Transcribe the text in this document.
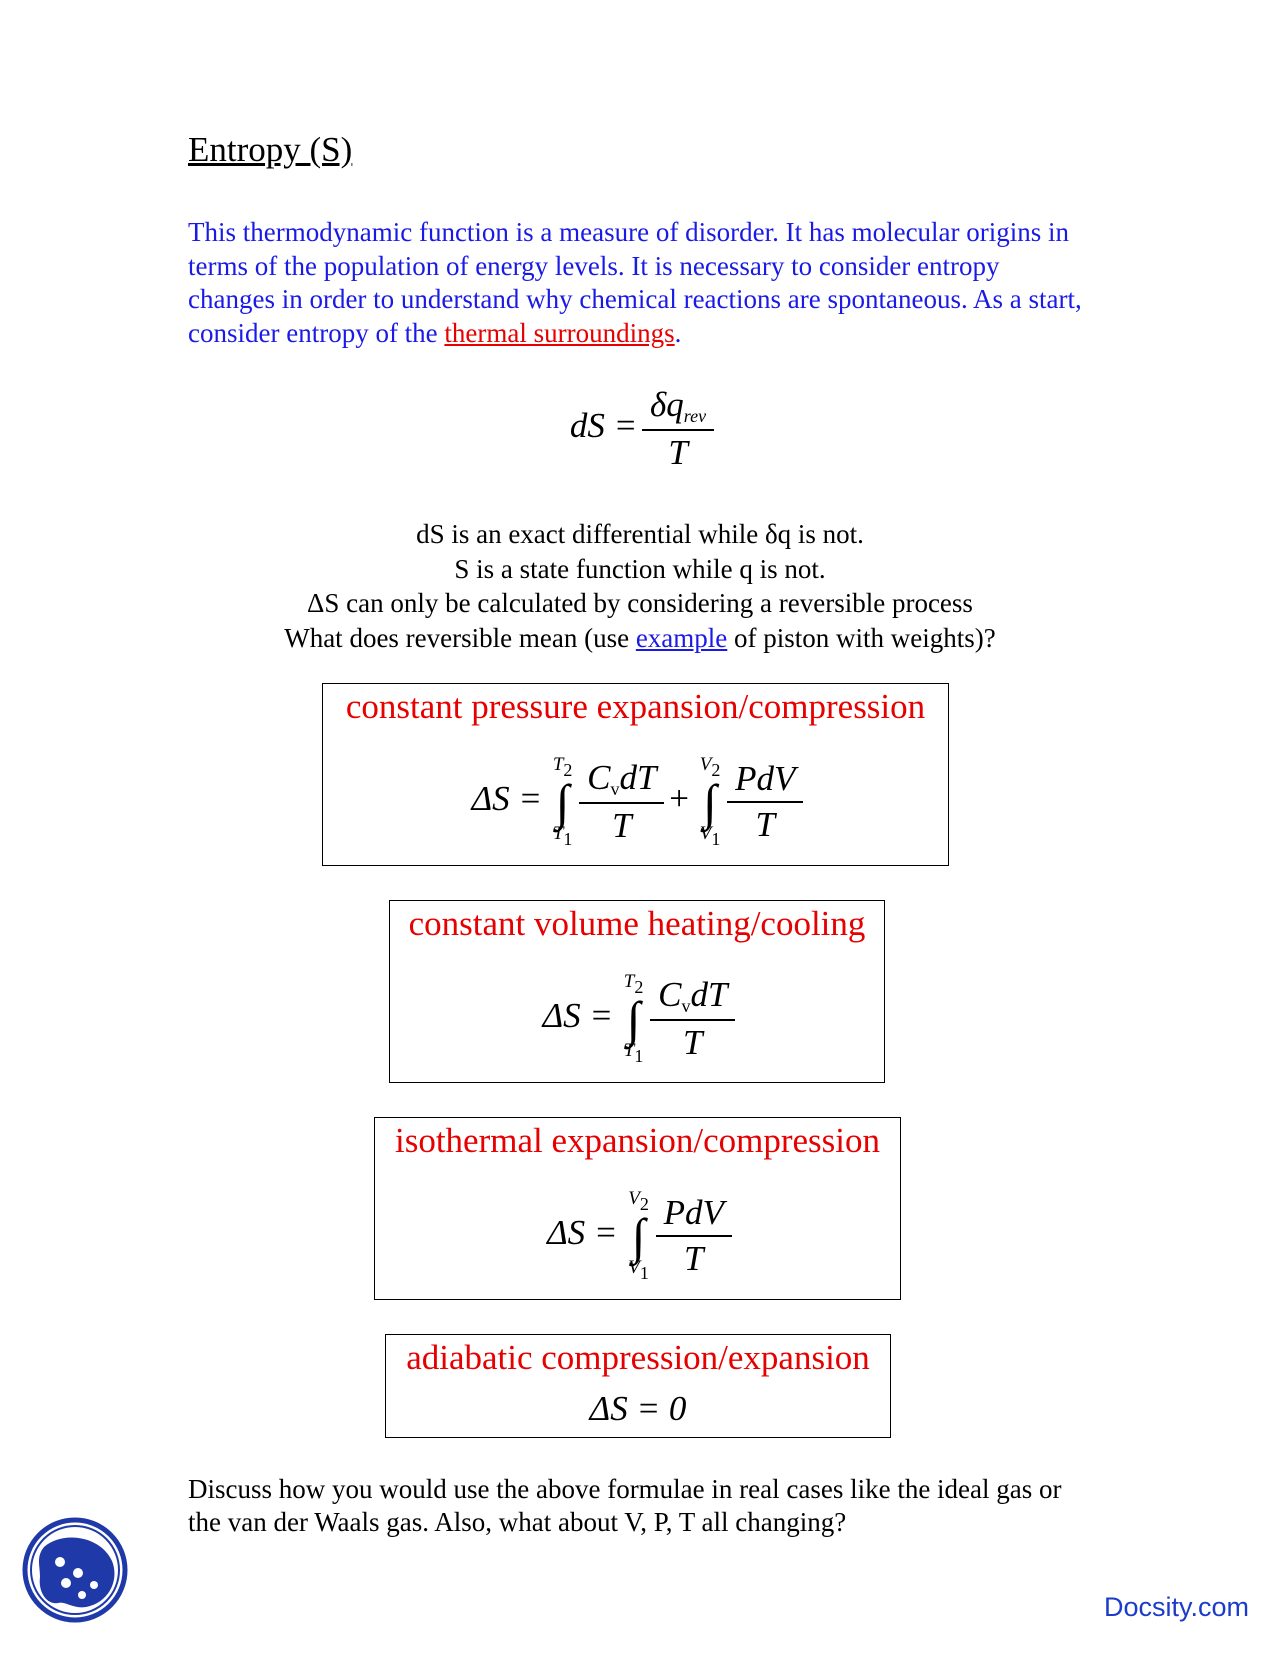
Entropy (S)
This thermodynamic function is a measure of disorder. It has molecular origins in terms of the population of energy levels. It is necessary to consider entropy changes in order to understand why chemical reactions are spontaneous. As a start, consider entropy of the thermal surroundings.
dS = $\frac{\delta q_{rev}}{T}$
dS is an exact differential while δq is not.
S is a state function while q is not.
ΔS can only be calculated by considering a reversible process
What does reversible mean (use example of piston with weights)?
constant pressure expansion/compression
ΔS =
$T_2$
∫
$T_1$
$\frac{C_vdT}{T}$ +
$V_2$
∫
$V_1$
$\frac{\text{PdV}}{T}$
constant volume heating/cooling
ΔS =
$T_2$
∫
$T_1$
$\frac{C_vdT}{T}$
isothermal expansion/compression
ΔS =
$V_2$
∫
$V_1$
$\frac{\text{PdV}}{T}$
adiabatic compression/expansion
ΔS = 0
Discuss how you would use the above formulae in real cases like the ideal gas or the van der Waals gas. Also, what about V, P, T all changing?
Docsity.com
